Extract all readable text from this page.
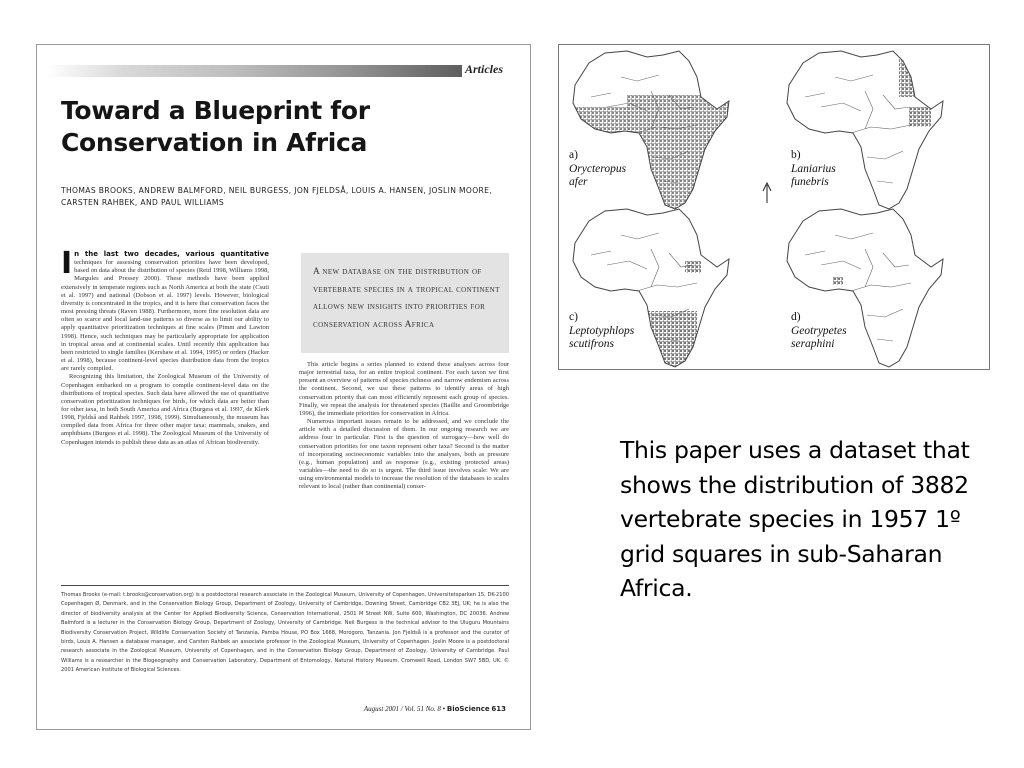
Articles
Toward a Blueprint for Conservation in Africa
THOMAS BROOKS, ANDREW BALMFORD, NEIL BURGESS, JON FJELDSÅ, LOUIS A. HANSEN, JOSLIN MOORE, CARSTEN RAHBEK, AND PAUL WILLIAMS

In the last two decades, various quantitative techniques for assessing conservation priorities have been developed, based on data about the distribution of species (Reid 1998, Williams 1998, Margules and Pressey 2000). These methods have been applied extensively in temperate regions such as North America at both the state (Csuti et al. 1997) and national (Dobson et al. 1997) levels. However, biological diversity is concentrated in the tropics, and it is here that conservation faces the most pressing threats (Raven 1988). Furthermore, more fine resolution data are often so scarce and local land-use patterns so diverse as to limit our ability to apply quantitative prioritization techniques at fine scales (Pimm and Lawton 1998). Hence, such techniques may be particularly appropriate for application in tropical areas and at continental scales. Until recently this application has been restricted to single families (Kershaw et al. 1994, 1995) or orders (Hacker et al. 1998), because continent-level species distribution data from the tropics are rarely compiled.

Recognizing this limitation, the Zoological Museum of the University of Copenhagen embarked on a program to compile continent-level data on the distributions of tropical species. Such data have allowed the use of quantitative conservation prioritization techniques for birds, for which data are better than for other taxa, in both South America and Africa (Burgess et al. 1997, de Klerk 1998, Fjeldså and Rahbek 1997, 1998, 1999). Simultaneously, the museum has compiled data from Africa for three other major taxa: mammals, snakes, and amphibians (Burgess et al. 1998). The Zoological Museum of the University of Copenhagen intends to publish these data as an atlas of African biodiversity.

A new database on the distribution of vertebrate species in a tropical continent allows new insights into priorities for conservation across Africa

This article begins a series planned to extend these analyses across four major terrestrial taxa, for an entire tropical continent. For each taxon we first present an overview of patterns of species richness and narrow endemism across the continent. Second, we use these patterns to identify areas of high conservation priority that can most efficiently represent each group of species. Finally, we repeat the analysis for threatened species (Baillie and Groombridge 1996), the immediate priorities for conservation in Africa.

Numerous important issues remain to be addressed, and we conclude the article with a detailed discussion of them. In our ongoing research we are address four in particular. First is the question of surrogacy—how well do conservation priorities for one taxon represent other taxa? Second is the matter of incorporating socioeconomic variables into the analyses, both as pressure (e.g., human population) and as response (e.g., existing protected areas) variables—the need to do so is urgent. The third issue involves scale: We are using environmental models to increase the resolution of the databases to scales relevant to local (rather than continental) conser-

Thomas Brooks (e-mail: t.brooks@conservation.org) is a postdoctoral research associate in the Zoological Museum, University of Copenhagen, Universitetsparken 15, DK-2100 Copenhagen Ø, Denmark, and in the Conservation Biology Group, Department of Zoology, University of Cambridge, Downing Street, Cambridge CB2 3EJ, UK; he is also the director of biodiversity analysis at the Center for Applied Biodiversity Science, Conservation International, 2501 M Street NW, Suite 600, Washington, DC 20036. Andrew Balmford is a lecturer in the Conservation Biology Group, Department of Zoology, University of Cambridge. Neil Burgess is the technical advisor to the Uluguru Mountains Biodiversity Conservation Project, Wildlife Conservation Society of Tanzania, Pamba House, PO Box 1668, Morogoro, Tanzania. Jon Fjeldså is a professor and the curator of birds, Louis A. Hansen a database manager, and Carsten Rahbek an associate professor in the Zoological Museum, University of Copenhagen. Joslin Moore is a postdoctoral research associate in the Zoological Museum, University of Copenhagen, and in the Conservation Biology Group, Department of Zoology, University of Cambridge. Paul Williams is a researcher in the Biogeography and Conservation Laboratory, Department of Entomology, Natural History Museum, Cromwell Road, London SW7 5BD, UK. © 2001 American Institute of Biological Sciences.
August 2001 / Vol. 51 No. 8 • BioScience 613
a)
Orycteropus
afer
b)
Laniarius
funebris
c)
Leptotyphlops
scutifrons
d)
Geotrypetes
seraphini
This paper uses a dataset that shows the distribution of 3882 vertebrate species in 1957 1º grid squares in sub-Saharan Africa.
